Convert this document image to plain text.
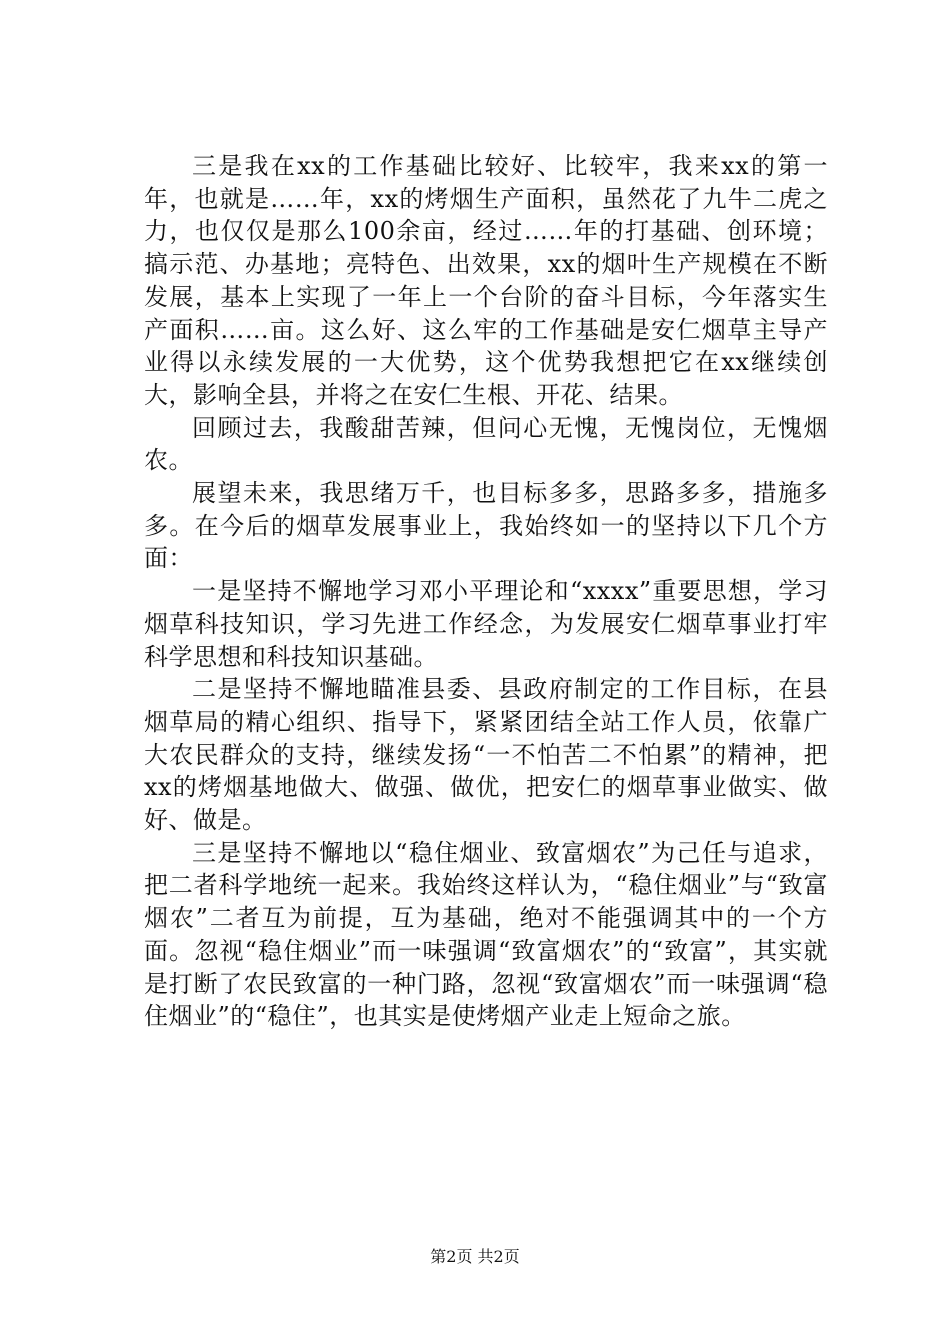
三是我在xx的工作基础比较好、比较牢，我来xx的第一年，也就是……年，xx的烤烟生产面积，虽然花了九牛二虎之力，也仅仅是那么100余亩，经过……年的打基础、创环境；搞示范、办基地；亮特色、出效果，xx的烟叶生产规模在不断发展，基本上实现了一年上一个台阶的奋斗目标，今年落实生产面积……亩。这么好、这么牢的工作基础是安仁烟草主导产业得以永续发展的一大优势，这个优势我想把它在xx继续创大，影响全县，并将之在安仁生根、开花、结果。

回顾过去，我酸甜苦辣，但问心无愧，无愧岗位，无愧烟农。

展望未来，我思绪万千，也目标多多，思路多多，措施多多。在今后的烟草发展事业上，我始终如一的坚持以下几个方面：

一是坚持不懈地学习邓小平理论和“xxxx”重要思想，学习烟草科技知识，学习先进工作经念，为发展安仁烟草事业打牢科学思想和科技知识基础。

二是坚持不懈地瞄准县委、县政府制定的工作目标，在县烟草局的精心组织、指导下，紧紧团结全站工作人员，依靠广大农民群众的支持，继续发扬“一不怕苦二不怕累”的精神，把xx的烤烟基地做大、做强、做优，把安仁的烟草事业做实、做好、做是。

三是坚持不懈地以“稳住烟业、致富烟农”为己任与追求，把二者科学地统一起来。我始终这样认为，“稳住烟业”与“致富烟农”二者互为前提，互为基础，绝对不能强调其中的一个方面。忽视“稳住烟业”而一味强调“致富烟农”的“致富”，其实就是打断了农民致富的一种门路，忽视“致富烟农”而一味强调“稳住烟业”的“稳住”，也其实是使烤烟产业走上短命之旅。

第2页 共2页
